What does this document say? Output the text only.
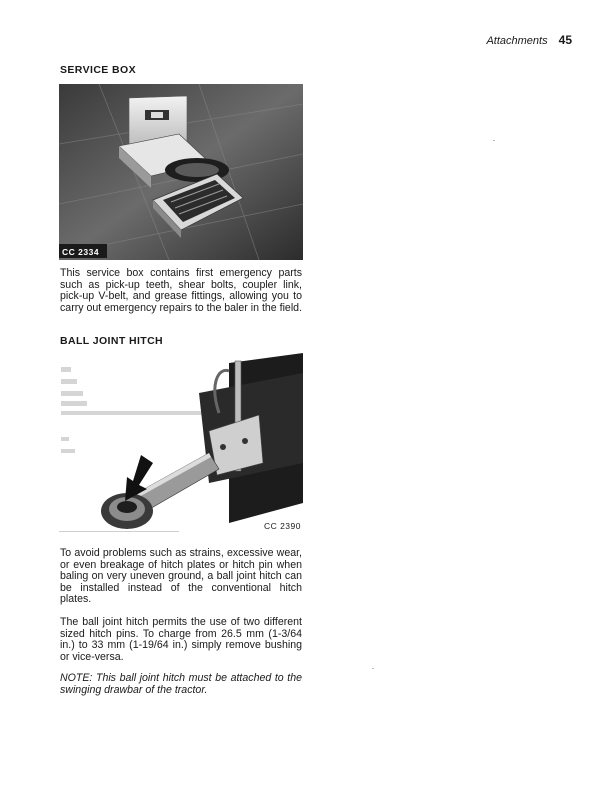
Attachments 45
SERVICE BOX
CC 2334

This service box contains first emergency parts such as pick-up teeth, shear bolts, coupler link, pick-up V-belt, and grease fittings, allowing you to carry out emergency repairs to the baler in the field.

BALL JOINT HITCH
CC 2390

To avoid problems such as strains, excessive wear, or even breakage of hitch plates or hitch pin when baling on very uneven ground, a ball joint hitch can be installed instead of the conventional hitch plates.

The ball joint hitch permits the use of two different sized hitch pins. To charge from 26.5 mm (1-3/64 in.) to 33 mm (1-19/64 in.) simply remove bushing or vice-versa.

NOTE: This ball joint hitch must be attached to the swinging drawbar of the tractor.
